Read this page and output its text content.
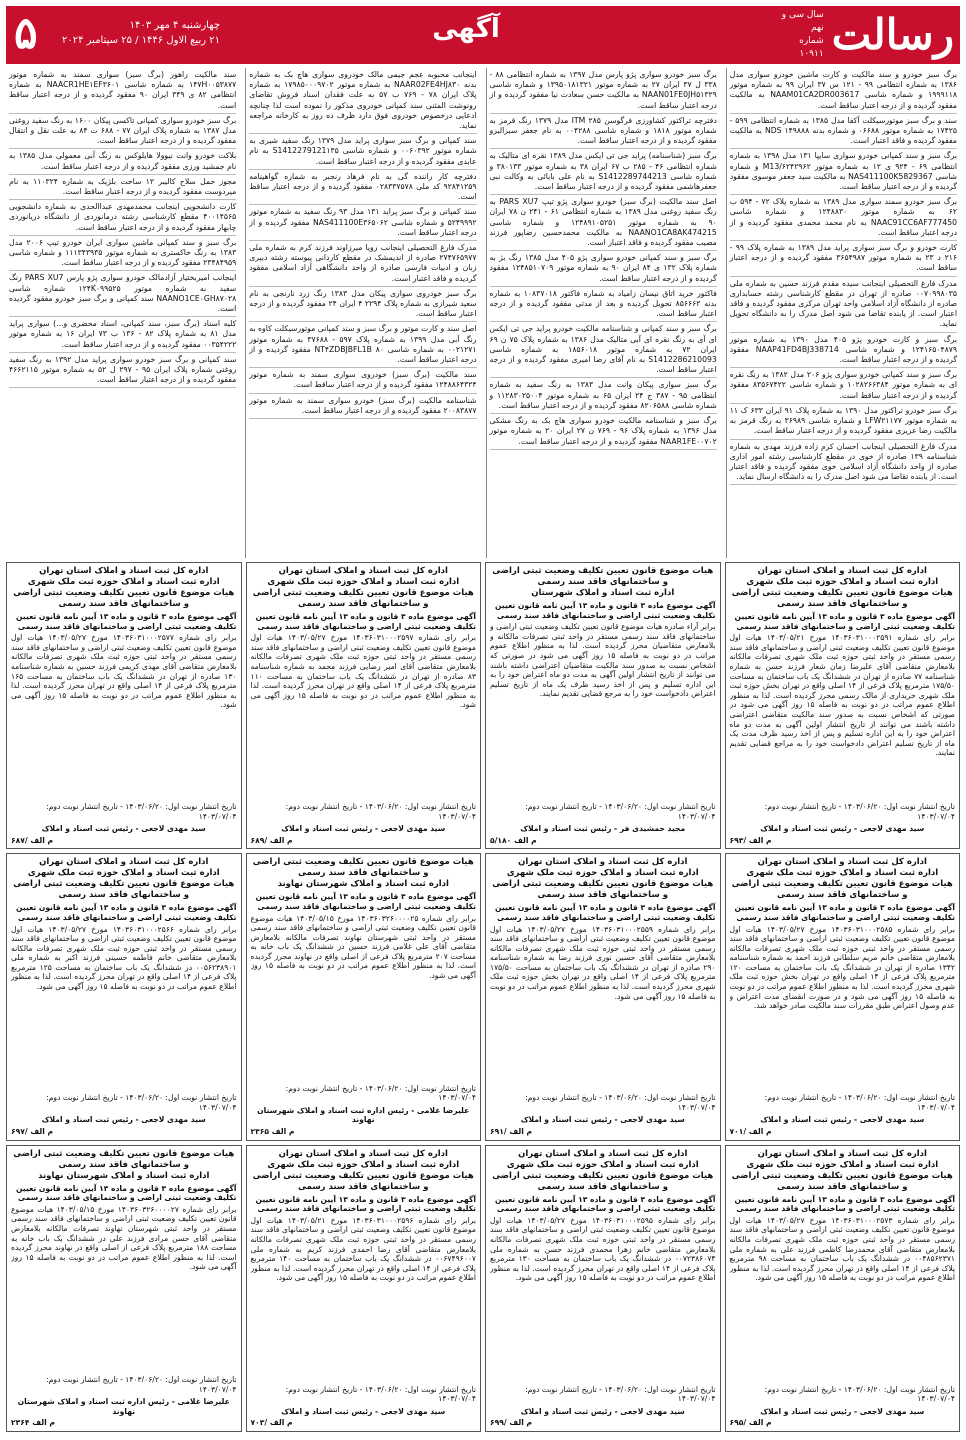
رسالت
سال سی و نهم
شماره ۱۰۹۱۱
آگهی
چهارشنبه ۴ مهر ۱۴۰۳
۲۱ ربیع الاول ۱۴۴۶ / ۲۵ سپتامبر ۲۰۲۴
۵

برگ سبز خودرو و سند مالکیت و کارت ماشین خودرو سواری مدل ۱۳۸۶ به شماره انتظامی ۹۹ - ۱۲۱ س ۳۷ ایران ۹۹ به شماره موتور ۱۹۹۹۱۱۸ و شماره شاسی NAAM01CA2DR003617 به مالکیت مفقود گردیده و از درجه اعتبار ساقط است.

سند و برگ سبز موتورسیکلت آکفا مدل ۱۳۸۵ به شماره انتظامی ۵۹۹ - ۱۷۴۲۵ به شماره موتور ۰۶۶۸۸ و شماره بدنه ۱۴۹۸۸۸ NDS به مالکیت مفقود گردیده و فاقد اعتبار است.

برگ سبز و سند کمپانی خودرو سواری سایپا ۱۳۱ مدل ۱۳۹۸ به شماره انتظامی ۶۹ - ۹۲۴ ی ۱۲ به شماره موتور M13/۶۲۴۲۹۶۲ و شماره شاسی NAS411100K5829367 به مالکیت سید جعفر موسوی مفقود گردیده و از درجه اعتبار ساقط است.

برگ سبز خودرو سمند سواری مدل ۱۳۸۹ به شماره پلاک ۷۲ - ۵۹۴ ب ۶۲ به شماره موتور ۱۲۴۸۸۳۰ و شماره شاسی NAAC91CC6AF777450 به نام محمد محمدی مفقود گردیده و از درجه اعتبار ساقط است.

کارت خودرو و برگ سبز سواری پراید مدل ۱۳۸۹ به شماره پلاک ۹۹ - ۲۱۶ د ۲۳ به شماره موتور ۳۶۵۴۹۸۷ مفقود گردیده و از درجه اعتبار ساقط است.

مدرک فارغ التحصیلی اینجانب سیده مقدم فرزند حسین به شماره ملی ۰۰۷۰۹۹۸۰۳۵ صادره از تهران در مقطع کارشناسی رشته حسابداری صادره از دانشگاه آزاد اسلامی واحد تهران مرکزی مفقود گردیده و فاقد اعتبار است. از یابنده تقاضا می شود اصل مدرک را به دانشگاه تحویل نماید.

برگ سبز و کارت خودرو پژو ۴۰۵ مدل ۱۳۹۰ به شماره موتور ۱۲۴۱۶۵۰۴۸۷۹ و شماره شاسی NAAP41FD4BJ338714 مفقود گردیده و از درجه اعتبار ساقط است.

برگ سبز و سند کمپانی خودرو سواری پژو ۲۰۶ مدل ۱۳۸۲ به رنگ نقره ای به شماره موتور ۱۰۲۸۲۶۶۳۸۴ و شماره شاسی ۸۳۵۶۷۴۲۲ مفقود گردیده و از درجه اعتبار ساقط است.

برگ سبز خودرو تراکتور مدل ۱۳۹۰ به شماره پلاک ۹۱ ایران ۶۳۳ ک ۱۱ به شماره موتور LFW۲۱۱۷۷ و شماره شاسی ۳۶۹۸۹ به رنگ قرمز به مالکیت رضا عزیزی مفقود گردیده و از درجه اعتبار ساقط است.

مدرک فارغ التحصیلی اینجانب احسان کرم زاده فرزند مهدی به شماره شناسنامه ۱۳۹ صادره از خوی در مقطع کارشناسی رشته امور اداری صادره از واحد دانشگاه آزاد اسلامی خوی مفقود گردیده و فاقد اعتبار است. از یابنده تقاضا می شود اصل مدرک را به دانشگاه ارسال نماید.

برگ سبز خودرو سواری پژو پارس مدل ۱۳۹۷ به شماره انتظامی ۸۸ - ۳۳۸ ل ۳۷ ایران ۲۷ به شماره موتور ۱۳۹۵۰۱۸۱۳۲۱ و شماره شاسی NAAN01FE0JH۵۱۳۲۹ به مالکیت حسن سعادت نیا مفقود گردیده و از درجه اعتبار ساقط است.

دفترچه تراکتور کشاورزی فرگوسن ITM ۲۸۵ مدل ۱۳۷۹ رنگ قرمز به شماره موتور ۱۸۱۸ و شماره شاسی ۰۰۴۲۸۸ به نام جعفر سبزاليزو مفقود گردیده و از درجه اعتبار ساقط است.

برگ سبز (شناسنامه) پراید جی تی ایکس مدل ۱۳۸۹ نقره ای متالیک به شماره انتظامی ۴۶ - ۲۸۵ ب ۶۷ ایران ۳۸ به شماره موتور ۳۸۰۱۳۳ و شماره شاسی S1412289744213 به نام علی بابائی به وکالت نبی جعفرهاشمی مفقود گردیده و از درجه اعتبار ساقط است.

اصل سند مالکیت (برگ سبز) خودرو سواری پژو تیپ PARS XU7 به رنگ سفید روغنی مدل ۱۳۸۹ به شماره انتظامی ۶۱ - ۲۴۱ ن ۷۸ ایران ۹۰ به شماره موتور ۱۲۴۸۹۱۰۵۲۵۱ و شماره شاسی NAANO1CA8AK474215 به مالکیت محمدحسین رضاپور فرزند مصیب مفقود گردیده و فاقد اعتبار است.

برگ سبز و سند کمپانی خودرو سواری پژو ۴۰۵ مدل ۱۳۸۵ رنگ بژ به شماره پلاک ۱۳۲ ی ۸۴ ایران ۹۰ به شماره موتور ۱۲۴۸۵۱۰۷۰۹ مفقود گردیده و از درجه اعتبار ساقط است.

فاکتور خرید اتاق نیسان زامیاد به شماره فاکتور ۱۰۸۳۷۰۱۸ به شماره بدنه ۸۵۶۶۶۲ تحویل گردیده و بعد از مدتی مفقود گردیده و از درجه اعتبار ساقط است.

برگ سبز و سند کمپانی و شناسنامه مالکیت خودرو پراید جی تی ایکس ای آی به رنگ نقره ای آبی متالیک مدل ۱۳۸۶ به شماره پلاک ۷۵ ن ۶۹ ایران ۷۲ به شماره موتور ۱۸۵۶۰۱۸ به شماره شاسی S1412286210093 به نام آقای رضا امیری مفقود گردیده و از درجه اعتبار ساقط است.

برگ سبز سواری پیکان وانت مدل ۱۳۸۳ به رنگ سفید به شماره انتظامی ۹۵ - ۳۸۷ ج ۲۴ ایران ۶۵ به شماره موتور ۱۱۲۸۳۰۲۵۰۰۴ و شماره شاسی ۸۲۰۶۵۸۸ مفقود گردیده و از درجه اعتبار ساقط است.

برگ سبز و شناسنامه مالکیت خودرو سواری هاچ بک به رنگ مشکی مدل ۱۳۹۶ به شماره پلاک ۹۶ - ۷۶۹ ن ۲۷ ایران ۲۰ به شماره موتور NAAR1FE۰۰۷۰۲ مفقود گردیده و از درجه اعتبار ساقط است.

اینجانب محبوبه عجم جیمی مالک خودروی سواری هاچ بک به شماره بدنه NAAR02FE4HJ۸۳۰ به شماره موتور ۱۷۹۸۵۰۰۰۹۷۰۲ به شماره پلاک ایران ۷۸ - ۷۶۹ ب ۵۷ به علت فقدان اسناد فروش تقاضای رونوشت المثنی سند کمپانی خودروی مذکور را نموده است لذا چنانچه ادعایی درخصوص خودروی فوق دارد ظرف ده روز به کارخانه مراجعه نماید.

سند کمپانی و برگ سبز سواری پراید مدل ۱۳۷۹ رنگ سفید شیری به شماره موتور ۰۰۶۰۳۹۲ و شماره شاسی S1412279121۱۳۵ به نام عابدی مفقود گردیده و از درجه اعتبار ساقط است.

دفترچه کار راننده گی به نام فرهاد رنجبر به شماره گواهینامه ۹۲۸۴۱۲۵۹ کد ملی ۰۲۸۳۳۷۵۷۸ مفقود گردیده و از درجه اعتبار ساقط است.

سند کمپانی و برگ سبز پراید ۱۳۱ مدل ۹۳ رنگ سفید به شماره موتور ۵۲۴۹۹۹۲ و شماره شاسی NAS411100E۳۶۵۰۶۲ مفقود گردیده و از درجه اعتبار ساقط است.

مدرک فارغ التحصیلی اینجانب رویا میرزاوند فرزند کرم به شماره ملی ۲۷۴۷۶۵۹۷۷ صادره از اندیمشک در مقطع کاردانی پیوسته رشته دبیری زبان و ادبیات فارسی صادره از واحد دانشگاهی آزاد اسلامی مفقود گردیده و فاقد اعتبار است.

برگ سبز خودروی سواری پیکان مدل ۱۳۸۳ رنگ زرد نارنجی به نام سعید شیرازی به شماره پلاک ۲۲۹۴ ۴ ایران ۲۴ مفقود گردیده و از درجه اعتبار ساقط است.

اصل سند و کارت موتور و برگ سبز و سند کمپانی موتورسیکلت کاوه به رنگ آبی مدل ۱۳۹۹ به شماره پلاک ۵۹۷ - ۳۷۶۸۸ به شماره موتور ۰۰۲۱۲۷۱ به شماره شاسی NT۴ZDBJBFL1B ۸۰ مفقود گردیده و از درجه اعتبار ساقط است.

سند مالکیت (برگ سبز) خودروی سواری سمند به شماره موتور ۱۲۴۸۸۶۴۳۲۴ مفقود گردیده و از درجه اعتبار ساقط است.

شناسنامه مالکیت (برگ سبز) خودرو سواری سمند به شماره موتور ۲۰۰۸۳۸۷۷ مفقود گردیده و از درجه اعتبار ساقط است.

سند مالکیت راهور (برگ سبز) سواری سمند به شماره موتور ۱۴۷H۰۰۵۳۸۷۷ به شماره شاسی NAACR1HE۱EF۳۶۰۱ به شماره انتظامی ۸۲ ی ۳۴۹ ایران ۹۰ مفقود گردیده و از درجه اعتبار ساقط است.

برگ سبز خودرو سواری کمپانی تاکسی پیکان ۱۶۰۰ به رنگ سفید روغنی مدل ۱۳۸۷ به شماره پلاک ایران ۷۷ - ۶۸۸ ت ۸۴ به علت نقل و انتقال مفقود گردیده و از درجه اعتبار ساقط است.

بلاکت خودرو وانت نیوولا هایلوکس به رنگ آبی معمولی مدل ۱۳۸۵ به نام جمشید ورزی مفقود گردیده و از درجه اعتبار ساقط است.

مجوز حمل سلاح کالیبر ۱۲ ساخت بلژیک به شماره ۱۱۰۳۲۴ به نام میردوست مفقود گردیده و از درجه اعتبار ساقط است.

کارت دانشجویی اینجانب محمدمهدی عبداالحدی به شماره دانشجویی ۴۰۰۱۴۵۶۵ مقطع کارشناسی رشته درمانوردی از دانشگاه دریانوردی چابهار مفقود گردیده و از درجه اعتبار ساقط است.

برگ سبز و سند کمپانی ماشین سواری ایران خودرو تیپ ۲۰۰۶ مدل ۱۳۸۳ به رنگ خاکستری به شماره موتور ۱۱۱۳۴۳۹۳۵ و شماره شاسی ۲۳۴۸۴۹۵۹ مفقود گردیده و از درجه اعتبار ساقط است.

اینجانب امیربختیار آزادمالک خودرو سواری پژو پارس PARS XU7 رنگ سفید به شماره موتور ۱۲۴K۰۹۹۵۲۵ شماره شاسی NAANO1CE۰GH۸۷۰۲۸ سند کمپانی و برگ سبز خودرو مفقود گردیده است.

کلیه اسناد (برگ سبز، سند کمپانی، اسناد محضری و...) سواری پراید مدل ۸۱ به شماره پلاک ۸۲ - ۱۳۶ ب ۷۳ ایران ۱۶ به شماره موتور ۰۰۳۵۴۲۲۲ مفقود گردیده و از درجه اعتبار ساقط است.

سند کمپانی و برگ سبز خودرو سواری پراید مدل ۱۳۹۲ به رنگ سفید روغنی شماره پلاک ایران ۹۵ - ۲۹۷ ل ۵۲ به شماره موتور ۴۶۶۲۱۱۵ مفقود گردیده و از درجه اعتبار ساقط است.

اداره کل ثبت اسناد و املاک استان تهران
اداره ثبت اسناد و املاک حوزه ثبت ملک شهری
هیات موضوع قانون تعیین تکلیف وضعیت ثبتی اراضی و ساختمانهای فاقد سند رسمی
آگهی موضوع ماده ۳ قانون و ماده ۱۳ آیین نامه قانون تعیین تکلیف وضعیت ثبتی اراضی و ساختمانهای فاقد سند رسمی
برابر رای شماره ۱۴۰۳۶۰۳۱۰۰۰۲۵۹۱ مورخ ۱۴۰۳/۰۵/۲۱ هیات اول موضوع قانون تعیین تکلیف وضعیت ثبتی اراضی و ساختمانهای فاقد سند رسمی مستقر در واحد ثبتی حوزه ثبت ملک شهری تصرفات مالکانه بلامعارض متقاضی آقای علیرضا زمان شعار فرزند حسن به شماره شناسنامه ۷۷ صادره از تهران در ششدانگ یک باب ساختمان به مساحت ۱۷۵/۵۰ مترمربع پلاک فرعی از ۱۴ اصلی واقع در تهران بخش حوزه ثبت ملک شهری خریداری از مالک رسمی محرز گردیده است. لذا به منظور اطلاع عموم مراتب در دو نوبت به فاصله ۱۵ روز آگهی می شود در صورتی که اشخاص نسبت به صدور سند مالکیت متقاضی اعتراضی داشته باشند می توانند از تاریخ انتشار اولین آگهی به مدت دو ماه اعتراض خود را به این اداره تسلیم و پس از اخذ رسید ظرف مدت یک ماه از تاریخ تسلیم اعتراض دادخواست خود را به مراجع قضایی تقدیم نمایند.
تاریخ انتشار نوبت اول: ۱۴۰۳/۰۶/۲۰ - تاریخ انتشار نوبت دوم: ۱۴۰۳/۰۷/۰۴
سید مهدی لاجعی - رئیس ثبت اسناد و املاک
۶۹۳/ م الف
اداره کل ثبت اسناد و املاک استان تهران
اداره ثبت اسناد و املاک حوزه ثبت ملک شهری
هیات موضوع قانون تعیین تکلیف وضعیت ثبتی اراضی و ساختمانهای فاقد سند رسمی
آگهی موضوع ماده ۳ قانون و ماده ۱۳ آیین نامه قانون تعیین تکلیف وضعیت ثبتی اراضی و ساختمانهای فاقد سند رسمی
برابر رای شماره ۱۴۰۳۶۰۳۱۰۰۰۲۵۸۵ مورخ ۱۴۰۳/۰۵/۲۷ هیات اول موضوع قانون تعیین تکلیف وضعیت ثبتی اراضی و ساختمانهای فاقد سند رسمی مستقر در واحد ثبتی حوزه ثبت ملک شهری تصرفات مالکانه بلامعارض متقاضی خانم مریم سلطانی فرزند احمد به شماره شناسنامه ۱۳۴۲ صادره از تهران در ششدانگ یک باب ساختمان به مساحت ۱۲۰ مترمربع پلاک فرعی از ۱۴ اصلی واقع در تهران بخش حوزه ثبت ملک شهری محرز گردیده است. لذا به منظور اطلاع عموم مراتب در دو نوبت به فاصله ۱۵ روز آگهی می شود و در صورت انقضای مدت اعتراض و عدم وصول اعتراض طبق مقررات سند مالکیت صادر خواهد شد.
تاریخ انتشار نوبت اول: ۱۴۰۳/۰۶/۲۰ - تاریخ انتشار نوبت دوم: ۱۴۰۳/۰۷/۰۴
سید مهدی لاجعی - رئیس ثبت اسناد و املاک
۷۰۱/ م الف
اداره کل ثبت اسناد و املاک استان تهران
اداره ثبت اسناد و املاک حوزه ثبت ملک شهری
هیات موضوع قانون تعیین تکلیف وضعیت ثبتی اراضی و ساختمانهای فاقد سند رسمی
آگهی موضوع ماده ۳ قانون و ماده ۱۳ آیین نامه قانون تعیین تکلیف وضعیت ثبتی اراضی و ساختمانهای فاقد سند رسمی
برابر رای شماره ۱۴۰۳۶۰۳۱۰۰۰۲۵۷۳ مورخ ۱۴۰۳/۰۵/۲۷ هیات اول موضوع قانون تعیین تکلیف وضعیت ثبتی اراضی و ساختمانهای فاقد سند رسمی مستقر در واحد ثبتی حوزه ثبت ملک شهری تصرفات مالکانه بلامعارض متقاضی آقای محمدرضا کاظمی فرزند علی به شماره ملی ۰۰۴۸۵۶۲۳۷۱ در ششدانگ یک باب ساختمان به مساحت ۹۸ مترمربع پلاک فرعی از ۱۴ اصلی واقع در تهران محرز گردیده است. لذا به منظور اطلاع عموم مراتب در دو نوبت به فاصله ۱۵ روز آگهی می شود.
تاریخ انتشار نوبت اول: ۱۴۰۳/۰۶/۲۰ - تاریخ انتشار نوبت دوم: ۱۴۰۳/۰۷/۰۴
سید مهدی لاجعی - رئیس ثبت اسناد و املاک
۶۹۵/ م الف
هیات موضوع قانون تعیین تکلیف وضعیت ثبتی اراضی و ساختمانهای فاقد سند رسمی
اداره ثبت اسناد و املاک شهرستان
آگهی موضوع ماده ۳ قانون و ماده ۱۳ آیین نامه قانون تعیین تکلیف وضعیت ثبتی اراضی و ساختمانهای فاقد سند رسمی
برابر آراء صادره هیات موضوع قانون تعیین تکلیف وضعیت ثبتی اراضی و ساختمانهای فاقد سند رسمی مستقر در واحد ثبتی تصرفات مالکانه و بلامعارض متقاضیان محرز گردیده است. لذا به منظور اطلاع عموم مراتب در دو نوبت به فاصله ۱۵ روز آگهی می شود در صورتی که اشخاص نسبت به صدور سند مالکیت متقاضیان اعتراضی داشته باشند می توانند از تاریخ انتشار اولین آگهی به مدت دو ماه اعتراض خود را به این اداره تسلیم و پس از اخذ رسید ظرف یک ماه از تاریخ تسلیم اعتراض دادخواست خود را به مرجع قضایی تقدیم نمایند.
تاریخ انتشار نوبت اول: ۱۴۰۳/۰۶/۲۰ - تاریخ انتشار نوبت دوم: ۱۴۰۳/۰۷/۰۴
مجید حمشیدی فر - رئیس ثبت اسناد و املاک
۵/۱۸۰ م الف
اداره کل ثبت اسناد و املاک استان تهران
اداره ثبت اسناد و املاک حوزه ثبت ملک شهری
هیات موضوع قانون تعیین تکلیف وضعیت ثبتی اراضی و ساختمانهای فاقد سند رسمی
آگهی موضوع ماده ۳ قانون و ماده ۱۳ آیین نامه قانون تعیین تکلیف وضعیت ثبتی اراضی و ساختمانهای فاقد سند رسمی
برابر رای شماره ۱۴۰۳۶۰۳۱۰۰۰۲۵۵۹ مورخ ۱۴۰۳/۰۵/۲۷ هیات اول موضوع قانون تعیین تکلیف وضعیت ثبتی اراضی و ساختمانهای فاقد سند رسمی مستقر در واحد ثبتی حوزه ثبت ملک شهری تصرفات مالکانه بلامعارض متقاضی آقای حسین نوری فرزند رضا به شماره شناسنامه ۲۹۰ صادره از تهران در ششدانگ یک باب ساختمان به مساحت ۱۷۵/۵۰ مترمربع پلاک فرعی از ۱۴ اصلی واقع در تهران بخش حوزه ثبت ملک شهری محرز گردیده است. لذا به منظور اطلاع عموم مراتب در دو نوبت به فاصله ۱۵ روز آگهی می شود.
تاریخ انتشار نوبت اول: ۱۴۰۳/۰۶/۲۰ - تاریخ انتشار نوبت دوم: ۱۴۰۳/۰۷/۰۴
سید مهدی لاجعی - رئیس ثبت اسناد و املاک
۶۹۱/ م الف
اداره کل ثبت اسناد و املاک استان تهران
اداره ثبت اسناد و املاک حوزه ثبت ملک شهری
هیات موضوع قانون تعیین تکلیف وضعیت ثبتی اراضی و ساختمانهای فاقد سند رسمی
آگهی موضوع ماده ۳ قانون و ماده ۱۳ آیین نامه قانون تعیین تکلیف وضعیت ثبتی اراضی و ساختمانهای فاقد سند رسمی
برابر رای شماره ۱۴۰۳۶۰۳۱۰۰۰۲۵۹۵ مورخ ۱۴۰۳/۰۵/۲۷ هیات اول موضوع قانون تعیین تکلیف وضعیت ثبتی اراضی و ساختمانهای فاقد سند رسمی مستقر در واحد ثبتی حوزه ثبت ملک شهری تصرفات مالکانه بلامعارض متقاضی خانم زهرا محمدی فرزند حسن به شماره ملی ۰۰۷۲۳۸۶۰۷۴ در ششدانگ یک باب ساختمان به مساحت ۱۳۰ مترمربع پلاک فرعی از ۱۴ اصلی واقع در تهران محرز گردیده است. لذا به منظور اطلاع عموم مراتب در دو نوبت به فاصله ۱۵ روز آگهی می شود.
تاریخ انتشار نوبت اول: ۱۴۰۳/۰۶/۲۰ - تاریخ انتشار نوبت دوم: ۱۴۰۳/۰۷/۰۴
سید مهدی لاجعی - رئیس ثبت اسناد و املاک
۶۹۹/ م الف
اداره کل ثبت اسناد و املاک استان تهران
اداره ثبت اسناد و املاک حوزه ثبت ملک شهری
هیات موضوع قانون تعیین تکلیف وضعیت ثبتی اراضی و ساختمانهای فاقد سند رسمی
آگهی موضوع ماده ۳ قانون و ماده ۱۳ آیین نامه قانون تعیین تکلیف وضعیت ثبتی اراضی و ساختمانهای فاقد سند رسمی
برابر رای شماره ۱۴۰۳۶۰۳۱۰۰۰۲۵۹۷ مورخ ۱۴۰۳/۰۵/۲۷ هیات اول موضوع قانون تعیین تکلیف وضعیت ثبتی اراضی و ساختمانهای فاقد سند رسمی مستقر در واحد ثبتی حوزه ثبت ملک شهری تصرفات مالکانه بلامعارض متقاضی آقای امیر رضایی فرزند محمد به شماره شناسنامه ۸۳ صادره از تهران در ششدانگ یک باب ساختمان به مساحت ۱۱۰ مترمربع پلاک فرعی از ۱۴ اصلی واقع در تهران محرز گردیده است. لذا به منظور اطلاع عموم مراتب در دو نوبت به فاصله ۱۵ روز آگهی می شود.
تاریخ انتشار نوبت اول: ۱۴۰۳/۰۶/۲۰ - تاریخ انتشار نوبت دوم: ۱۴۰۳/۰۷/۰۴
سید مهدی لاجعی - رئیس ثبت اسناد و املاک
۶۸۹/ م الف
هیات موضوع قانون تعیین تکلیف وضعیت ثبتی اراضی و ساختمانهای فاقد سند رسمی
اداره ثبت اسناد و املاک شهرستان نهاوند
آگهی موضوع ماده ۳ قانون و ماده ۱۳ آیین نامه قانون تعیین تکلیف وضعیت ثبتی اراضی و ساختمانهای فاقد سند رسمی
برابر رای شماره ۱۴۰۳۶۰۳۲۶۰۰۰۰۲۵ مورخ ۱۴۰۳/۰۵/۱۵ هیات موضوع قانون تعیین تکلیف وضعیت ثبتی اراضی و ساختمانهای فاقد سند رسمی مستقر در واحد ثبتی شهرستان نهاوند تصرفات مالکانه بلامعارض متقاضی آقای علی غلامی فرزند حسین در ششدانگ یک باب خانه به مساحت ۲۰۷ مترمربع پلاک فرعی از اصلی واقع در نهاوند محرز گردیده است. لذا به منظور اطلاع عموم مراتب در دو نوبت به فاصله ۱۵ روز آگهی می شود.
تاریخ انتشار نوبت اول: ۱۴۰۳/۰۶/۲۰ - تاریخ انتشار نوبت دوم: ۱۴۰۳/۰۷/۰۴
علیرضا غلامی - رئیس اداره ثبت اسناد و املاک شهرستان نهاوند
۲۳۶۵ م الف
اداره کل ثبت اسناد و املاک استان تهران
اداره ثبت اسناد و املاک حوزه ثبت ملک شهری
هیات موضوع قانون تعیین تکلیف وضعیت ثبتی اراضی و ساختمانهای فاقد سند رسمی
آگهی موضوع ماده ۳ قانون و ماده ۱۳ آیین نامه قانون تعیین تکلیف وضعیت ثبتی اراضی و ساختمانهای فاقد سند رسمی
برابر رای شماره ۱۴۰۳۶۰۳۱۰۰۰۲۵۹۶ مورخ ۱۴۰۳/۰۵/۲۱ هیات اول موضوع قانون تعیین تکلیف وضعیت ثبتی اراضی و ساختمانهای فاقد سند رسمی مستقر در واحد ثبتی حوزه ثبت ملک شهری تصرفات مالکانه بلامعارض متقاضی آقای رضا احمدی فرزند کریم به شماره ملی ۰۰۶۷۴۹۶۰۰۷ در ششدانگ یک باب ساختمان به مساحت ۱۴۰ مترمربع پلاک فرعی از ۱۴ اصلی واقع در تهران محرز گردیده است. لذا به منظور اطلاع عموم مراتب در دو نوبت به فاصله ۱۵ روز آگهی می شود.
تاریخ انتشار نوبت اول: ۱۴۰۳/۰۶/۲۰ - تاریخ انتشار نوبت دوم: ۱۴۰۳/۰۷/۰۴
سید مهدی لاجعی - رئیس ثبت اسناد و املاک
۷۰۳/ م الف
اداره کل ثبت اسناد و املاک استان تهران
اداره ثبت اسناد و املاک حوزه ثبت ملک شهری
هیات موضوع قانون تعیین تکلیف وضعیت ثبتی اراضی و ساختمانهای فاقد سند رسمی
آگهی موضوع ماده ۳ قانون و ماده ۱۳ آیین نامه قانون تعیین تکلیف وضعیت ثبتی اراضی و ساختمانهای فاقد سند رسمی
برابر رای شماره ۱۴۰۳۶۰۳۱۰۰۰۲۵۷۷ مورخ ۱۴۰۳/۰۵/۲۷ هیات اول موضوع قانون تعیین تکلیف وضعیت ثبتی اراضی و ساختمانهای فاقد سند رسمی مستقر در واحد ثبتی حوزه ثبت ملک شهری تصرفات مالکانه بلامعارض متقاضی آقای مهدی کریمی فرزند حسین به شماره شناسنامه ۱۳۰ صادره از تهران در ششدانگ یک باب ساختمان به مساحت ۱۶۵ مترمربع پلاک فرعی از ۱۴ اصلی واقع در تهران محرز گردیده است. لذا به منظور اطلاع عموم مراتب در دو نوبت به فاصله ۱۵ روز آگهی می شود.
تاریخ انتشار نوبت اول: ۱۴۰۳/۰۶/۲۰ - تاریخ انتشار نوبت دوم: ۱۴۰۳/۰۷/۰۴
سید مهدی لاجعی - رئیس ثبت اسناد و املاک
۶۸۷/ م الف
اداره کل ثبت اسناد و املاک استان تهران
اداره ثبت اسناد و املاک حوزه ثبت ملک شهری
هیات موضوع قانون تعیین تکلیف وضعیت ثبتی اراضی و ساختمانهای فاقد سند رسمی
آگهی موضوع ماده ۳ قانون و ماده ۱۳ آیین نامه قانون تعیین تکلیف وضعیت ثبتی اراضی و ساختمانهای فاقد سند رسمی
برابر رای شماره ۱۴۰۳۶۰۳۱۰۰۰۲۵۶۶ مورخ ۱۴۰۳/۰۵/۲۷ هیات اول موضوع قانون تعیین تکلیف وضعیت ثبتی اراضی و ساختمانهای فاقد سند رسمی مستقر در واحد ثبتی حوزه ثبت ملک شهری تصرفات مالکانه بلامعارض متقاضی خانم فاطمه حسینی فرزند اکبر به شماره ملی ۰۰۵۶۲۳۸۹۰۱ در ششدانگ یک باب ساختمان به مساحت ۱۲۵ مترمربع پلاک فرعی از ۱۴ اصلی واقع در تهران محرز گردیده است. لذا به منظور اطلاع عموم مراتب در دو نوبت به فاصله ۱۵ روز آگهی می شود.
تاریخ انتشار نوبت اول: ۱۴۰۳/۰۶/۲۰ - تاریخ انتشار نوبت دوم: ۱۴۰۳/۰۷/۰۴
سید مهدی لاجعی - رئیس ثبت اسناد و املاک
۶۹۷/ م الف
هیات موضوع قانون تعیین تکلیف وضعیت ثبتی اراضی و ساختمانهای فاقد سند رسمی
اداره ثبت اسناد و املاک شهرستان نهاوند
آگهی موضوع ماده ۳ قانون و ماده ۱۳ آیین نامه قانون تعیین تکلیف وضعیت ثبتی اراضی و ساختمانهای فاقد سند رسمی
برابر رای شماره ۱۴۰۳۶۰۳۲۶۰۰۰۰۲۷ مورخ ۱۴۰۳/۰۵/۱۵ هیات موضوع قانون تعیین تکلیف وضعیت ثبتی اراضی و ساختمانهای فاقد سند رسمی مستقر در واحد ثبتی شهرستان نهاوند تصرفات مالکانه بلامعارض متقاضی آقای حسن مرادی فرزند علی در ششدانگ یک باب خانه به مساحت ۱۸۸ مترمربع پلاک فرعی از اصلی واقع در نهاوند محرز گردیده است. لذا به منظور اطلاع عموم مراتب در دو نوبت به فاصله ۱۵ روز آگهی می شود.
تاریخ انتشار نوبت اول: ۱۴۰۳/۰۶/۲۰ - تاریخ انتشار نوبت دوم: ۱۴۰۳/۰۷/۰۴
علیرضا غلامی - رئیس اداره ثبت اسناد و املاک شهرستان نهاوند
۲۳۶۴ م الف
